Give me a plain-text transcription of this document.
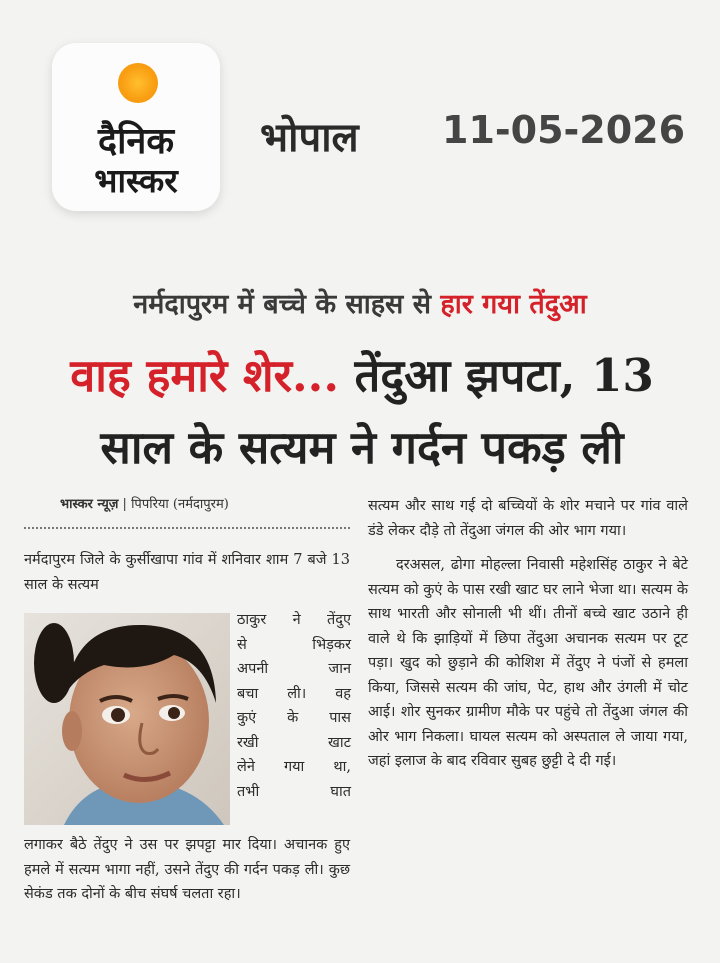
दैनिक
भास्कर
भोपाल 11-05-2026
नर्मदापुरम में बच्चे के साहस से हार गया तेंदुआ
वाह हमारे शेर... तेंदुआ झपटा, 13
साल के सत्यम ने गर्दन पकड़ ली
भास्कर न्यूज़ | पिपरिया (नर्मदापुरम)

नर्मदापुरम जिले के कुर्सीखापा गांव में शनिवार शाम 7 बजे 13 साल के सत्यम

ठाकुर ने तेंदुए
से भिड़कर
अपनी जान
बचा ली। वह
कुएं के पास
रखी खाट
लेने गया था,
तभी घात

लगाकर बैठे तेंदुए ने उस पर झपट्टा मार दिया। अचानक हुए हमले में सत्यम भागा नहीं, उसने तेंदुए की गर्दन पकड़ ली। कुछ सेकंड तक दोनों के बीच संघर्ष चलता रहा।

सत्यम और साथ गई दो बच्चियों के शोर मचाने पर गांव वाले डंडे लेकर दौड़े तो तेंदुआ जंगल की ओर भाग गया।

दरअसल, ढोगा मोहल्ला निवासी महेशसिंह ठाकुर ने बेटे सत्यम को कुएं के पास रखी खाट घर लाने भेजा था। सत्यम के साथ भारती और सोनाली भी थीं। तीनों बच्चे खाट उठाने ही वाले थे कि झाड़ियों में छिपा तेंदुआ अचानक सत्यम पर टूट पड़ा। खुद को छुड़ाने की कोशिश में तेंदुए ने पंजों से हमला किया, जिससे सत्यम की जांघ, पेट, हाथ और उंगली में चोट आई। शोर सुनकर ग्रामीण मौके पर पहुंचे तो तेंदुआ जंगल की ओर भाग निकला। घायल सत्यम को अस्पताल ले जाया गया, जहां इलाज के बाद रविवार सुबह छुट्टी दे दी गई।
